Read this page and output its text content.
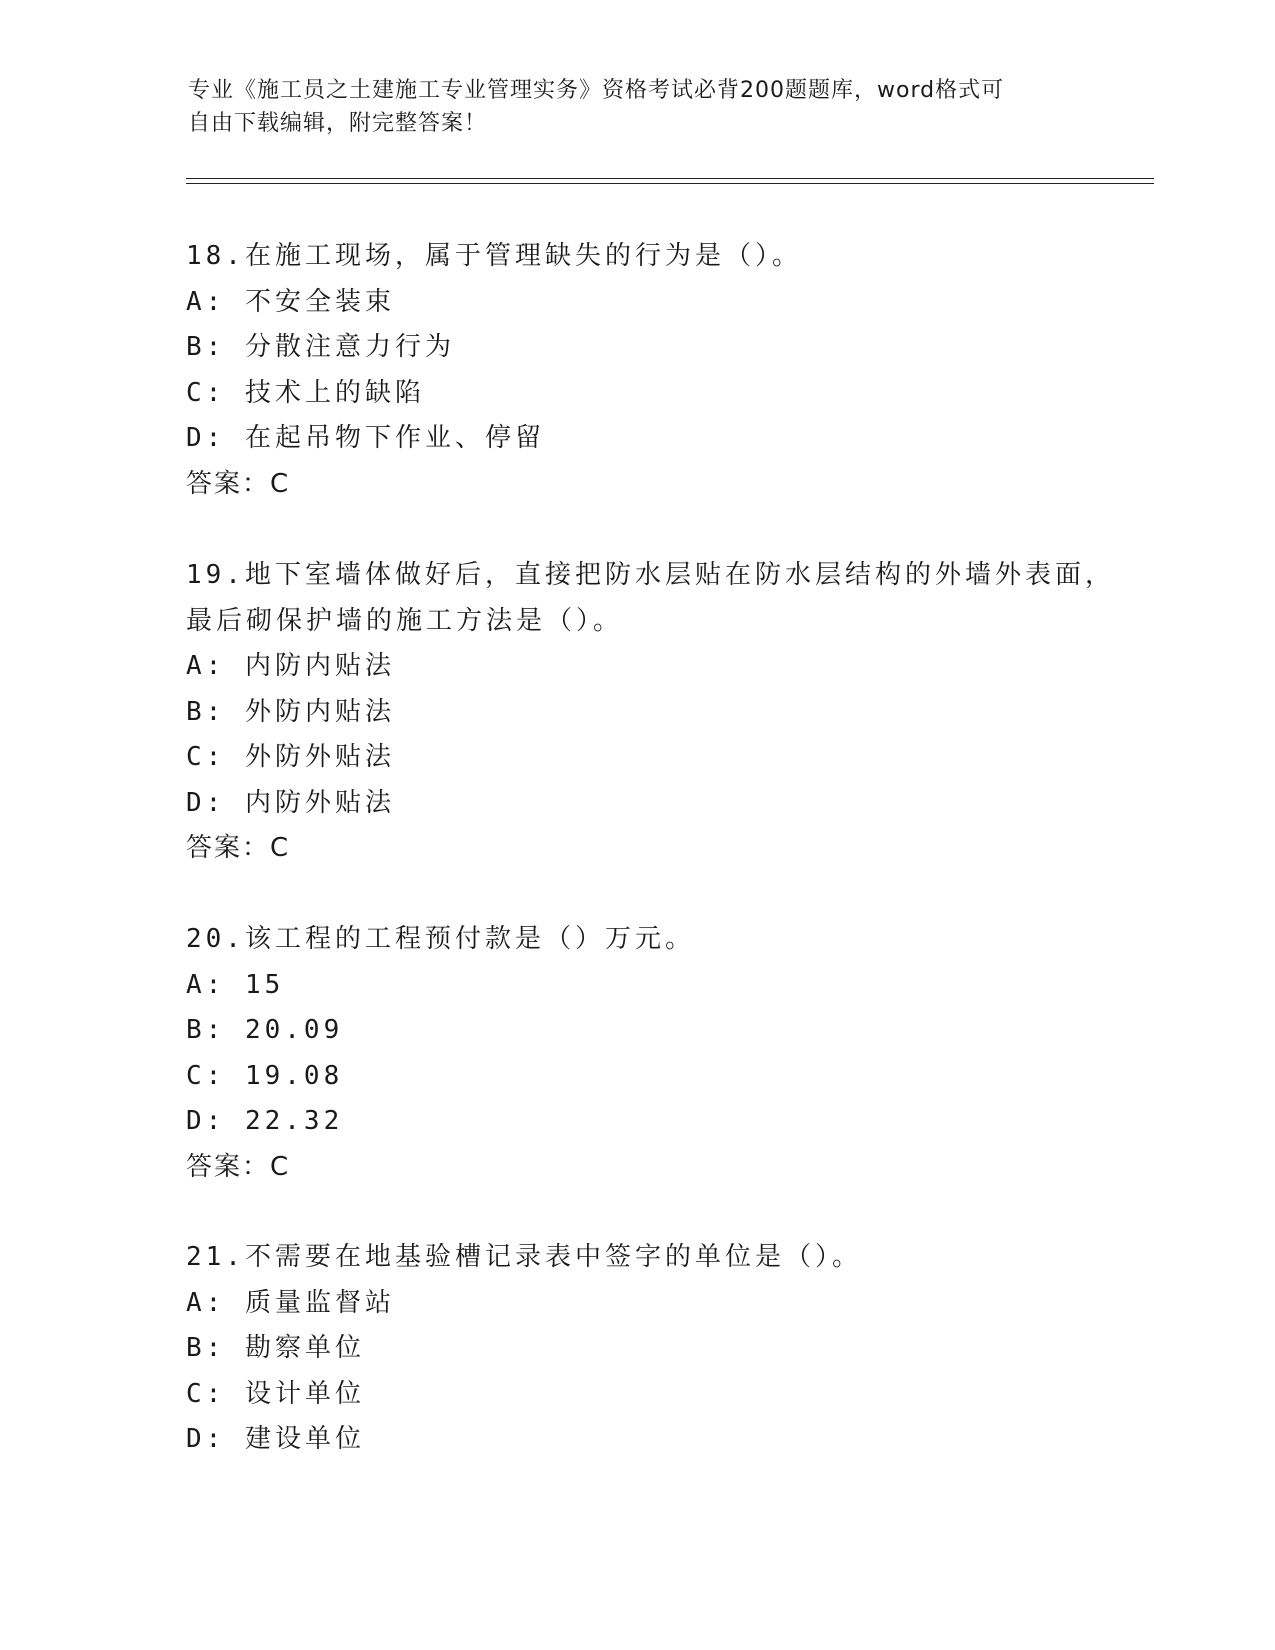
专业《施工员之土建施工专业管理实务》资格考试必背200题题库，word格式可
自由下载编辑，附完整答案！
18.在施工现场，属于管理缺失的行为是（）。
A: 不安全装束
B: 分散注意力行为
C: 技术上的缺陷
D: 在起吊物下作业、停留
答案：C
19.地下室墙体做好后，直接把防水层贴在防水层结构的外墙外表面，
最后砌保护墙的施工方法是（）。
A: 内防内贴法
B: 外防内贴法
C: 外防外贴法
D: 内防外贴法
答案：C
20.该工程的工程预付款是（）万元。
A: 15
B: 20.09
C: 19.08
D: 22.32
答案：C
21.不需要在地基验槽记录表中签字的单位是（）。
A: 质量监督站
B: 勘察单位
C: 设计单位
D: 建设单位
